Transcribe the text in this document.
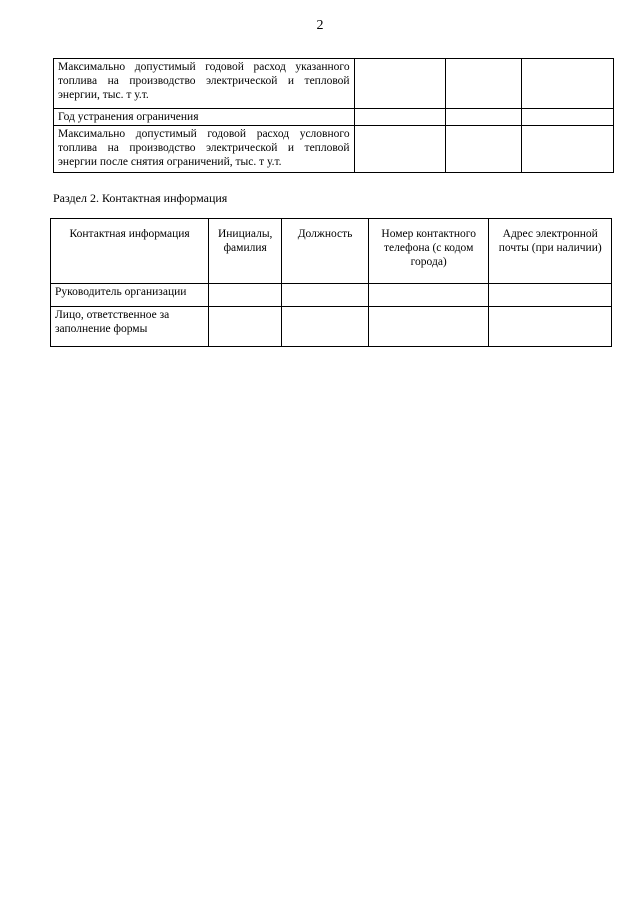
2
Максимально допустимый годовой расход указанного топлива на производство электрической и тепловой энергии, тыс. т у.т.			
Год устранения ограничения			
Максимально допустимый годовой расход условного топлива на производство электрической и тепловой энергии после снятия ограничений, тыс. т у.т.			
Раздел 2. Контактная информация
Контактная информация	Инициалы, фамилия	Должность	Номер контактного телефона (с кодом города)	Адрес электронной почты (при наличии)
Руководитель организации				
Лицо, ответственное за заполнение формы				
